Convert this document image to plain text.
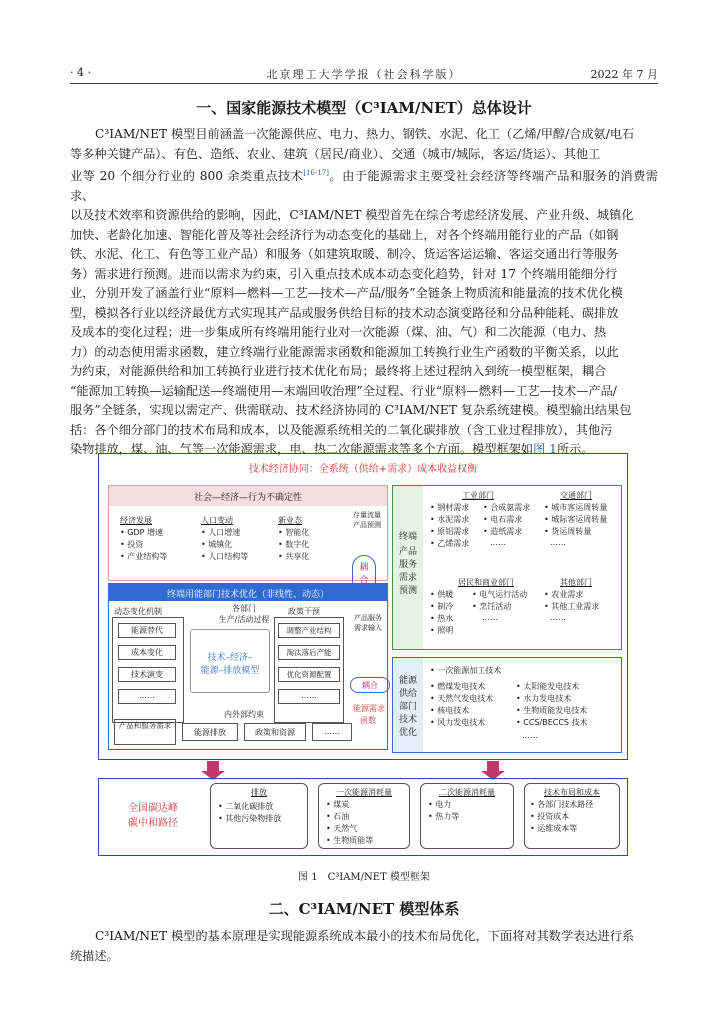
· 4 ·	北京理工大学学报（社会科学版）	2022 年 7 月
一、国家能源技术模型（C³IAM/NET）总体设计
C³IAM/NET 模型目前涵盖一次能源供应、电力、热力、钢铁、水泥、化工（乙烯/甲醇/合成氨/电石
等多种关键产品）、有色、造纸、农业、建筑（居民/商业）、交通（城市/城际，客运/货运）、其他工
业等 20 个细分行业的 800 余类重点技术[16-17]。由于能源需求主要受社会经济等终端产品和服务的消费需求、
以及技术效率和资源供给的影响，因此，C³IAM/NET 模型首先在综合考虑经济发展、产业升级、城镇化
加快、老龄化加速、智能化普及等社会经济行为动态变化的基础上，对各个终端用能行业的产品（如钢
铁、水泥、化工、有色等工业产品）和服务（如建筑取暖、制冷、货运客运运输、客运交通出行等服务
务）需求进行预测。进而以需求为约束，引入重点技术成本动态变化趋势，针对 17 个终端用能细分行
业，分别开发了涵盖行业“原料—燃料—工艺—技术—产品/服务”全链条上物质流和能量流的技术优化模
型，模拟各行业以经济最优方式实现其产品或服务供给目标的技术动态演变路径和分品种能耗、碳排放
及成本的变化过程；进一步集成所有终端用能行业对一次能源（煤、油、气）和二次能源（电力、热
力）的动态使用需求函数，建立终端行业能源需求函数和能源加工转换行业生产函数的平衡关系，以此
为约束，对能源供给和加工转换行业进行技术优化布局；最终将上述过程纳入到统一模型框架，耦合
“能源加工转换—运输配送—终端使用—末端回收治理”全过程、行业“原料—燃料—工艺—技术—产品/
服务”全链条，实现以需定产、供需联动、技术经济协同的 C³IAM/NET 复杂系统建模。模型输出结果包
括：各个细分部门的技术布局和成本，以及能源系统相关的二氧化碳排放（含工业过程排放），其他污
染物排放，煤、油、气等一次能源需求，电、热二次能源需求等多个方面。模型框架如图 1所示。
技术经济协同：全系统（供给+需求）成本收益权衡
社会—经济—行为不确定性
经济发展
• GDP 增速
• 投资
• 产业结构等
人口变动
• 人口增速
• 城镇化
• 人口结构等
新业态
• 智能化
• 数字化
• 共享化
终端用能部门技术优化（非线性、动态）
动态变化机制
能源替代
成本变化
技术演变
……
各部门
生产/活动过程
技术–经济–
能源–排放模型
内外部约束
政策干预
调整产业结构
淘汰落后产能
优化资源配置
……
产品和服务需求
能源排放	政策和资源	……
存量流量
产品预测
耦
合
产品服务
需求输入
耦合
能源需求
函数
终端
产品
服务
需求
预测
工业部门
• 钢材需求
• 水泥需求
• 原铝需求
• 乙烯需求
• 合成氨需求
• 电石需求
• 造纸需求
……
交通部门
• 城市客运周转量
• 城际客运周转量
• 货运周转量
……
居民和商业部门
• 供暖
• 制冷
• 热水
• 照明
• 电气运行活动
• 烹饪活动
……
其他部门
• 农业需求
• 其他工业需求
……
能源
供给
部门
技术
优化
• 一次能源加工技术
• 燃煤发电技术
• 天然气发电技术
• 核电技术
• 风力发电技术
• 太阳能发电技术
• 水力发电技术
• 生物质能发电技术
• CCS/BECCS 技术
……
全国碳达峰
碳中和路径
排放
• 二氧化碳排放
• 其他污染物排放
一次能源消耗量
• 煤炭
• 石油
• 天然气
• 生物质能等
二次能源消耗量
• 电力
• 热力等
技术布局和成本
• 各部门技术路径
• 投资成本
• 运维成本等
图 1　C³IAM/NET 模型框架
二、C³IAM/NET 模型体系
C³IAM/NET 模型的基本原理是实现能源系统成本最小的技术布局优化，下面将对其数学表达进行系
统描述。
